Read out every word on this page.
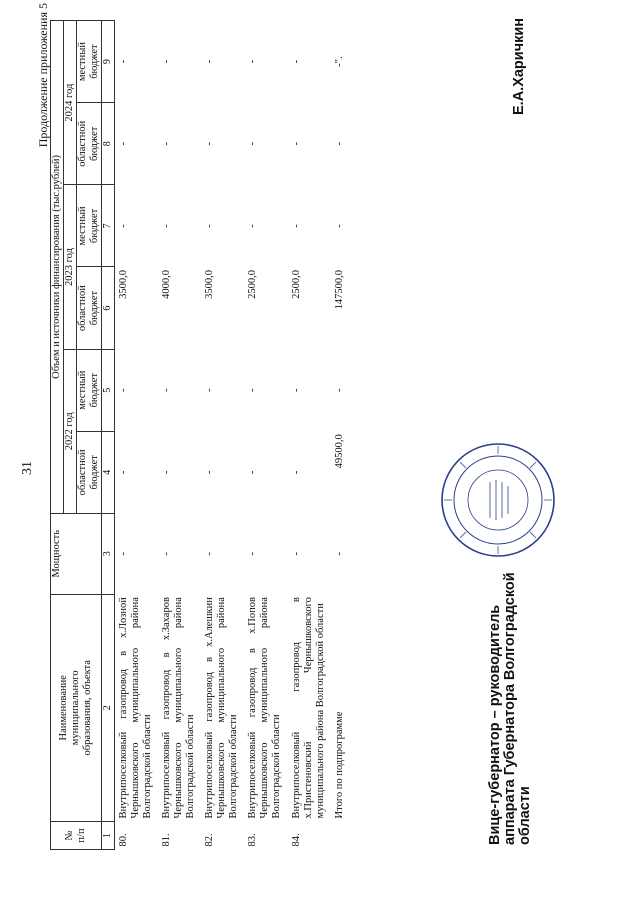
31
Продолжение приложения 5
№
п/п	Наименование
муниципального
образования, объекта	Мощность	Объем и источники финансирования (тыс.рублей)					
			2022 год		2023 год		2024 год	
			областной
бюджет	местный
бюджет	областной
бюджет	местный
бюджет	областной
бюджет	местный
бюджет
1	2	3	4	5	6	7	8	9
80.	Внутрипоселковый газопровод в х.Лозной Чернышковского муниципального района Волгоградской области	-	-	-	3500,0	-	-	-
81.	Внутрипоселковый газопровод в х.Захаров Чернышковского муниципального района Волгоградской области	-	-	-	4000,0	-	-	-
82.	Внутрипоселковый газопровод в х.Алешкин Чернышковского муниципального района Волгоградской области	-	-	-	3500,0	-	-	-
83.	Внутрипоселковый газопровод в х.Попов Чернышковского муниципального района Волгоградской области	-	-	-	2500,0	-	-	-
84.	Внутрипоселковый газопровод в х.Пристеновский Чернышковского муниципального района Волгоградской области	-	-	-	2500,0	-	-	-
	Итого по подпрограмме	-	49500,0	-	147500,0	-	-	-".
Вице-губернатор – руководитель аппарата Губернатора Волгоградской области
Е.А.Харичкин
